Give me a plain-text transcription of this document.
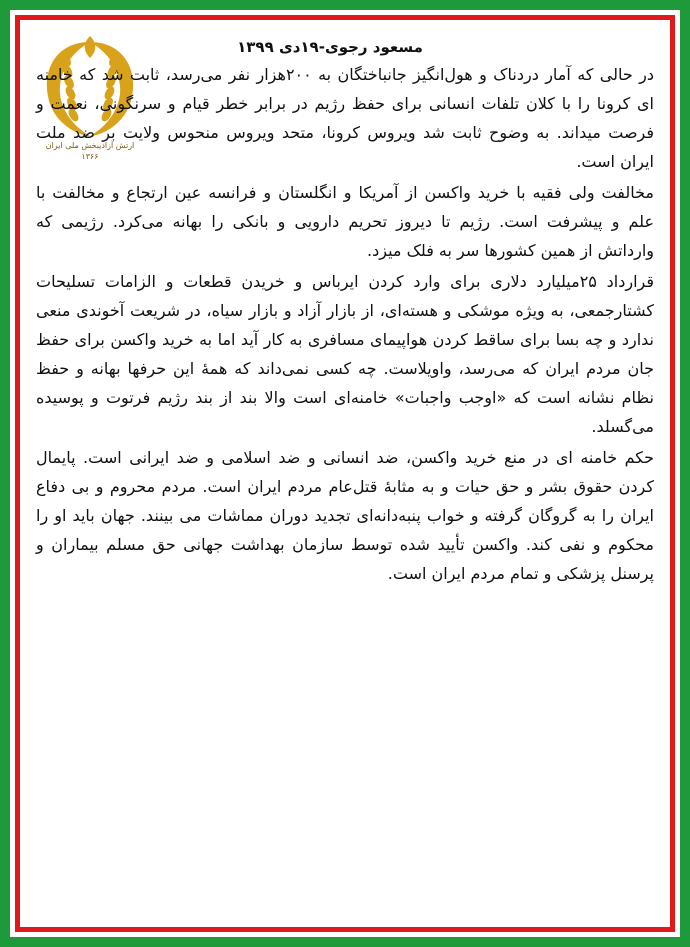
ارتش آزادیبخش ملی ایران
۱۳۶۶
مسعود رجوی-۱۹دی ۱۳۹۹

در حالی که آمار دردناک و هول‌انگیز جانباختگان به ۲۰۰هزار نفر می‌رسد، ثابت شد که خامنه ای کرونا را با کلان تلفات انسانی برای حفظ رژیم در برابر خطر قیام و سرنگونی، نعمت و فرصت میداند. به وضوح ثابت شد ویروس کرونا، متحد ویروس منحوس ولایت بر ضد ملت ایران است.

مخالفت ولی فقیه با خرید واکسن از آمریکا و انگلستان و فرانسه عین ارتجاع و مخالفت با علم و پیشرفت است. رژیم تا دیروز تحریم دارویی و بانکی را بهانه می‌کرد. رژیمی که وارداتش از همین کشورها سر به فلک میزد.

قرارداد ۲۵میلیارد دلاری برای وارد کردن ایرباس و خریدن قطعات و الزامات تسلیحات کشتارجمعی، به ویژه موشکی و هسته‌ای، از بازار آزاد و بازار سیاه، در شریعت آخوندی منعی ندارد و چه بسا برای ساقط کردن هواپیمای مسافری به کار آید اما به خرید واکسن برای حفظ جان مردم ایران که می‌رسد، واویلاست. چه کسی نمی‌داند که همهٔ این حرفها بهانه و حفظ نظام نشانه است که «اوجب واجبات» خامنه‌ای است والا بند از بند رژیم فرتوت و پوسیده می‌گسلد.

حکم خامنه ای در منع خرید واکسن، ضد انسانی و ضد اسلامی و ضد ایرانی است. پایمال کردن حقوق بشر و حق حیات و به مثابهٔ قتل‌عام مردم ایران است. مردم محروم و بی دفاع ایران را به گروگان گرفته و خواب پنبه‌دانه‌ای تجدید دوران مماشات می بینند. جهان باید او را محکوم و نفی کند. واکسن تأیید شده توسط سازمان بهداشت جهانی حق مسلم بیماران و پرسنل پزشکی و تمام مردم ایران است.
